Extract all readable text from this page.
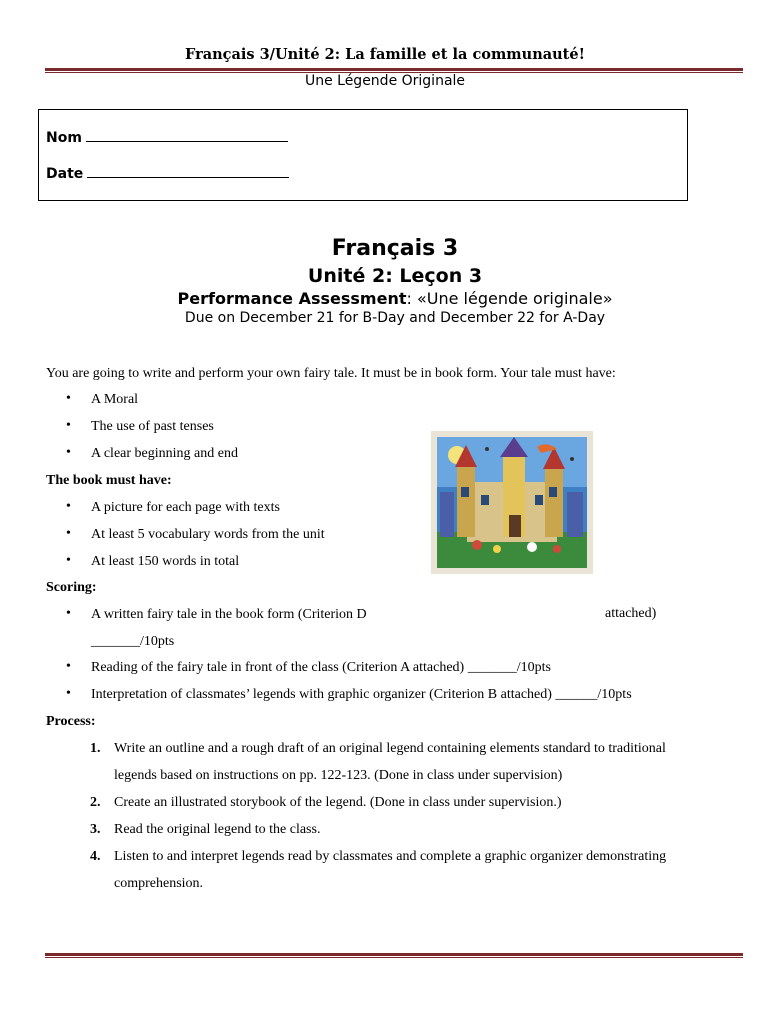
Français 3/Unité 2: La famille et la communauté!
Une Légende Originale
Nom
Date
Français 3
Unité 2: Leçon 3
Performance Assessment: «Une légende originale»
Due on December 21 for B-Day and December 22 for A-Day
You are going to write and perform your own fairy tale. It must be in book form. Your tale must have:
• A Moral
• The use of past tenses
• A clear beginning and end
The book must have:
• A picture for each page with texts
• At least 5 vocabulary words from the unit
• At least 150 words in total
Scoring:
• A written fairy tale in the book form (Criterion D	attached)
_______/10pts
• Reading of the fairy tale in front of the class (Criterion A attached) _______/10pts
• Interpretation of classmates’ legends with graphic organizer (Criterion B attached) ______/10pts
Process:
1. Write an outline and a rough draft of an original legend containing elements standard to traditional
legends based on instructions on pp. 122-123. (Done in class under supervision)
2. Create an illustrated storybook of the legend. (Done in class under supervision.)
3. Read the original legend to the class.
4. Listen to and interpret legends read by classmates and complete a graphic organizer demonstrating
comprehension.
